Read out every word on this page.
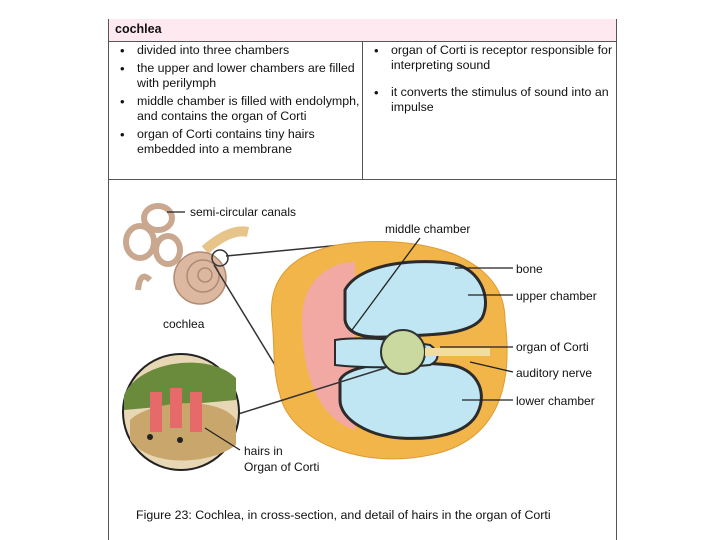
cochlea
• divided into three chambers
• the upper and lower chambers are filled with perilymph
• middle chamber is filled with endolymph, and contains the organ of Corti
• organ of Corti contains tiny hairs embedded into a membrane
• organ of Corti is receptor responsible for interpreting sound
• it converts the stimulus of sound into an impulse
semi-circular canals
cochlea
middle chamber
bone
upper chamber
organ of Corti
auditory nerve
lower chamber
hairs in
Organ of Corti
Figure 23: Cochlea, in cross-section, and detail of hairs in the organ of Corti
